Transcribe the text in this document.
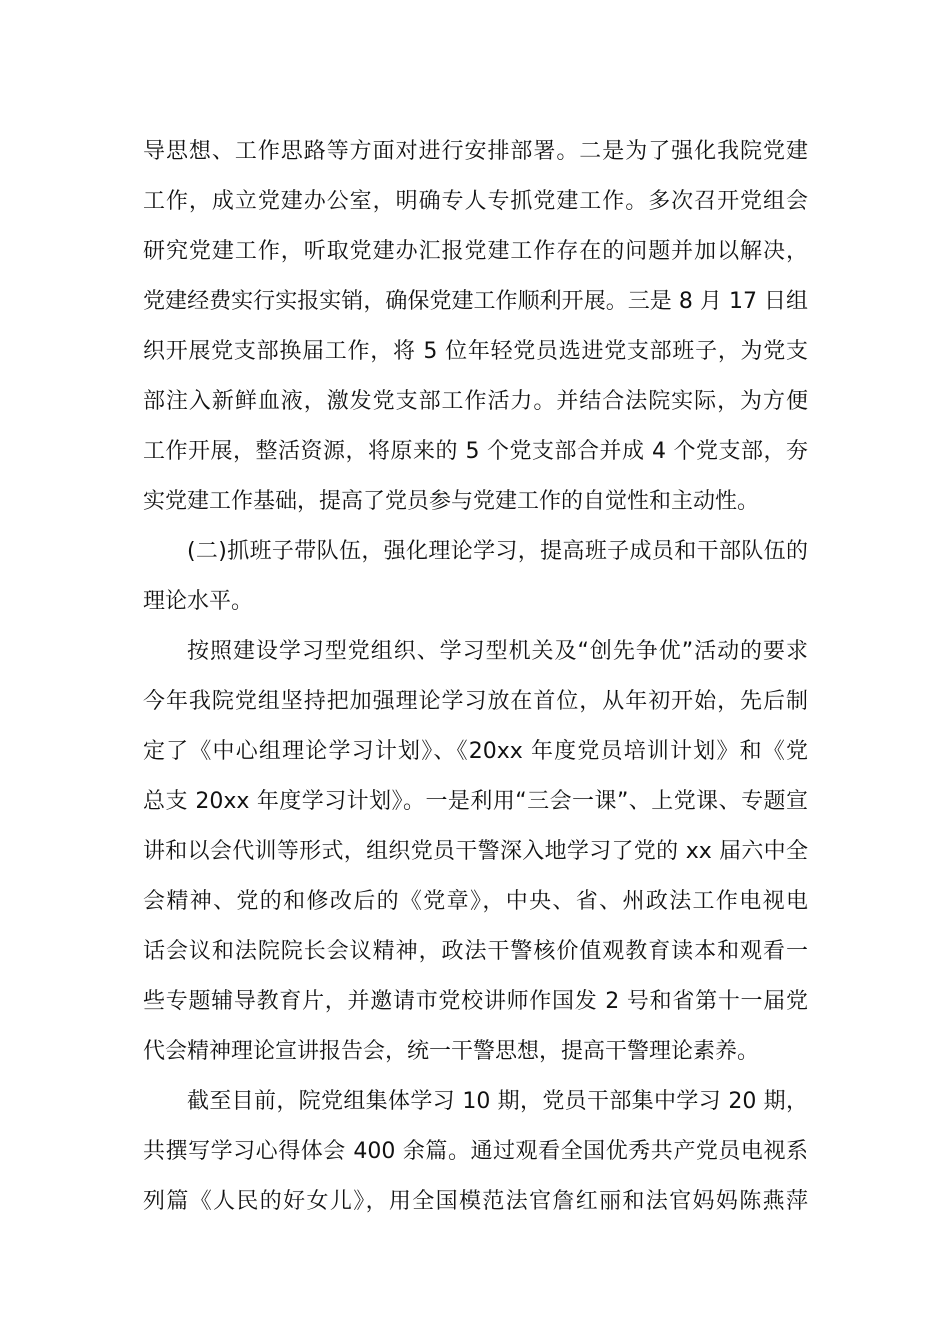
导思想、工作思路等方面对进行安排部署。二是为了强化我院党建
工作，成立党建办公室，明确专人专抓党建工作。多次召开党组会
研究党建工作，听取党建办汇报党建工作存在的问题并加以解决，
党建经费实行实报实销，确保党建工作顺利开展。三是 8 月 17 日组
织开展党支部换届工作，将 5 位年轻党员选进党支部班子，为党支
部注入新鲜血液，激发党支部工作活力。并结合法院实际，为方便
工作开展，整活资源，将原来的 5 个党支部合并成 4 个党支部，夯
实党建工作基础，提高了党员参与党建工作的自觉性和主动性。
(二)抓班子带队伍，强化理论学习，提高班子成员和干部队伍的
理论水平。
按照建设学习型党组织、学习型机关及“创先争优”活动的要求
今年我院党组坚持把加强理论学习放在首位，从年初开始，先后制
定了《中心组理论学习计划》、《20xx 年度党员培训计划》和《党
总支 20xx 年度学习计划》。一是利用“三会一课”、上党课、专题宣
讲和以会代训等形式，组织党员干警深入地学习了党的 xx 届六中全
会精神、党的和修改后的《党章》，中央、省、州政法工作电视电
话会议和法院院长会议精神，政法干警核价值观教育读本和观看一
些专题辅导教育片，并邀请市党校讲师作国发 2 号和省第十一届党
代会精神理论宣讲报告会，统一干警思想，提高干警理论素养。
截至目前，院党组集体学习 10 期，党员干部集中学习 20 期，
共撰写学习心得体会 400 余篇。通过观看全国优秀共产党员电视系
列篇《人民的好女儿》，用全国模范法官詹红丽和法官妈妈陈燕萍
